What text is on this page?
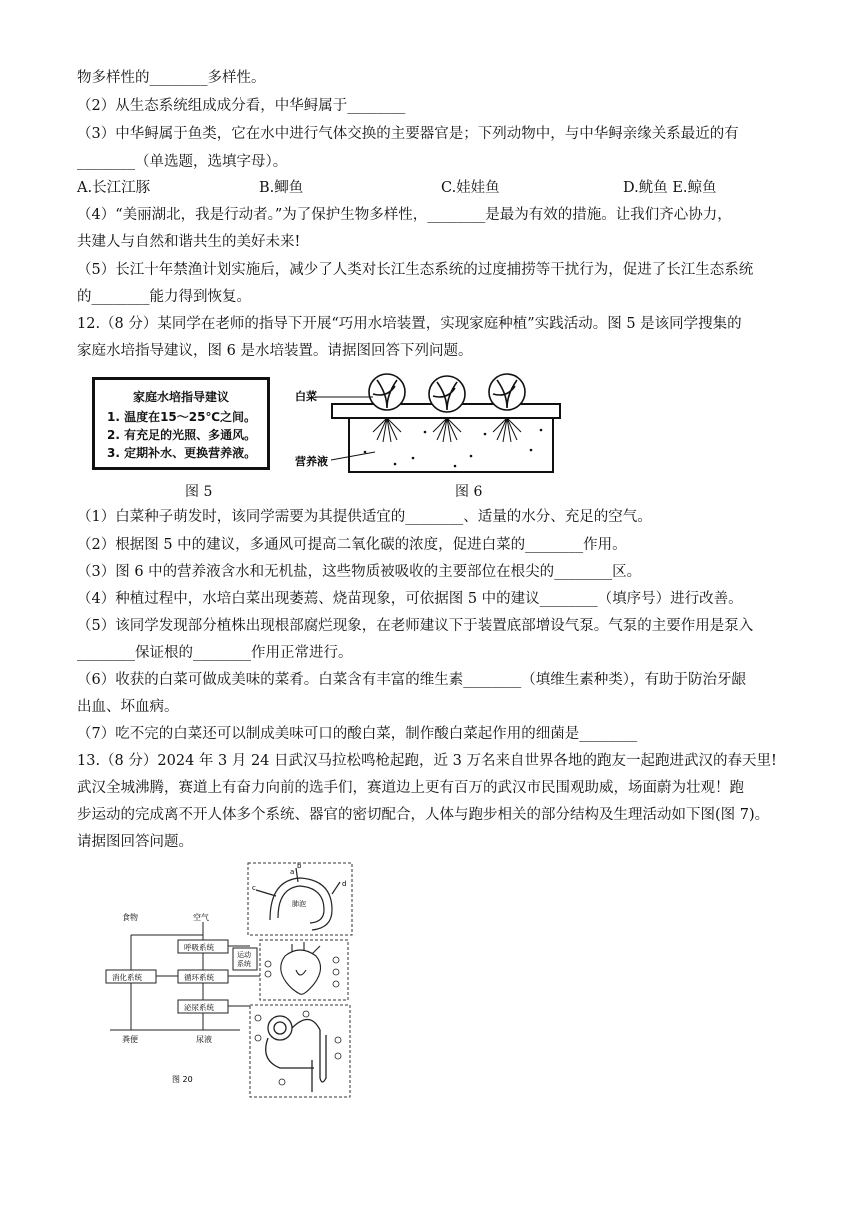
物多样性的________多样性。
（2）从生态系统组成成分看，中华鲟属于________
（3）中华鲟属于鱼类，它在水中进行气体交换的主要器官是；下列动物中，与中华鲟亲缘关系最近的有
________（单选题，选填字母）。
A.长江江豚	B.鲫鱼	C.娃娃鱼	D.鱿鱼 E.鲸鱼
（4）“美丽湖北，我是行动者。”为了保护生物多样性，________是最为有效的措施。让我们齐心协力，
共建人与自然和谐共生的美好未来!
（5）长江十年禁渔计划实施后，减少了人类对长江生态系统的过度捕捞等干扰行为，促进了长江生态系统
的________能力得到恢复。
12.（8 分）某同学在老师的指导下开展“巧用水培装置，实现家庭种植”实践活动。图 5 是该同学搜集的
家庭水培指导建议，图 6 是水培装置。请据图回答下列问题。
家庭水培指导建议
1. 温度在15～25℃之间。
2. 有充足的光照、多通风。
3. 定期补水、更换营养液。
图 5
白菜
营养液
图 6
（1）白菜种子萌发时，该同学需要为其提供适宜的________、适量的水分、充足的空气。
（2）根据图 5 中的建议，多通风可提高二氧化碳的浓度，促进白菜的________作用。
（3）图 6 中的营养液含水和无机盐，这些物质被吸收的主要部位在根尖的________区。
（4）种植过程中，水培白菜出现萎蔫、烧苗现象，可依据图 5 中的建议________（填序号）进行改善。
（5）该同学发现部分植株出现根部腐烂现象，在老师建议下于装置底部增设气泵。气泵的主要作用是泵入
________保证根的________作用正常进行。
（6）收获的白菜可做成美味的菜肴。白菜含有丰富的维生素________（填维生素种类），有助于防治牙龈
出血、坏血病。
（7）吃不完的白菜还可以制成美味可口的酸白菜，制作酸白菜起作用的细菌是________
13.（8 分）2024 年 3 月 24 日武汉马拉松鸣枪起跑，近 3 万名来自世界各地的跑友一起跑进武汉的春天里!
武汉全城沸腾，赛道上有奋力向前的选手们，赛道边上更有百万的武汉市民围观助威，场面蔚为壮观！跑
步运动的完成离不开人体多个系统、器官的密切配合，人体与跑步相关的部分结构及生理活动如下图(图 7)。
请据图回答问题。
食物	空气
呼吸系统
循环系统
消化系统
泌尿系统
运动
系统
粪便	尿液
图 20
肺泡
a
b
c	d
